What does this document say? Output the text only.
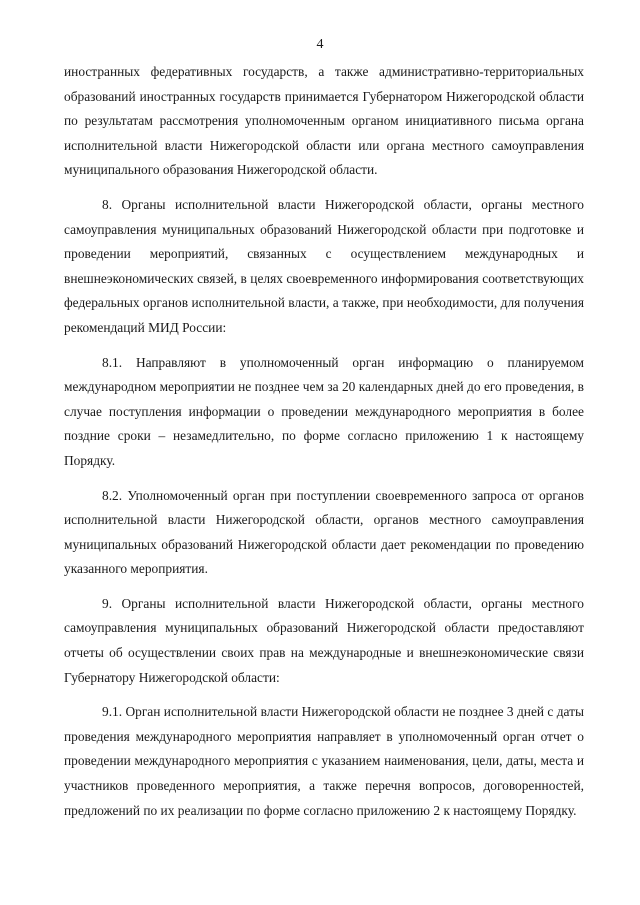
4

иностранных федеративных государств, а также административно-территориальных образований иностранных государств принимается Губернатором Нижегородской области по результатам рассмотрения уполномоченным органом инициативного письма органа исполнительной власти Нижегородской области или органа местного самоуправления муниципального образования Нижегородской области.

8. Органы исполнительной власти Нижегородской области, органы местного самоуправления муниципальных образований Нижегородской области при подготовке и проведении мероприятий, связанных с осуществлением международных и внешнеэкономических связей, в целях своевременного информирования соответствующих федеральных органов исполнительной власти, а также, при необходимости, для получения рекомендаций МИД России:

8.1. Направляют в уполномоченный орган информацию о планируемом международном мероприятии не позднее чем за 20 календарных дней до его проведения, в случае поступления информации о проведении международного мероприятия в более поздние сроки – незамедлительно, по форме согласно приложению 1 к настоящему Порядку.

8.2. Уполномоченный орган при поступлении своевременного запроса от органов исполнительной власти Нижегородской области, органов местного самоуправления муниципальных образований Нижегородской области дает рекомендации по проведению указанного мероприятия.

9. Органы исполнительной власти Нижегородской области, органы местного самоуправления муниципальных образований Нижегородской области предоставляют отчеты об осуществлении своих прав на международные и внешнеэкономические связи Губернатору Нижегородской области:

9.1. Орган исполнительной власти Нижегородской области не позднее 3 дней с даты проведения международного мероприятия направляет в уполномоченный орган отчет о проведении международного мероприятия с указанием наименования, цели, даты, места и участников проведенного мероприятия, а также перечня вопросов, договоренностей, предложений по их реализации по форме согласно приложению 2 к настоящему Порядку.
